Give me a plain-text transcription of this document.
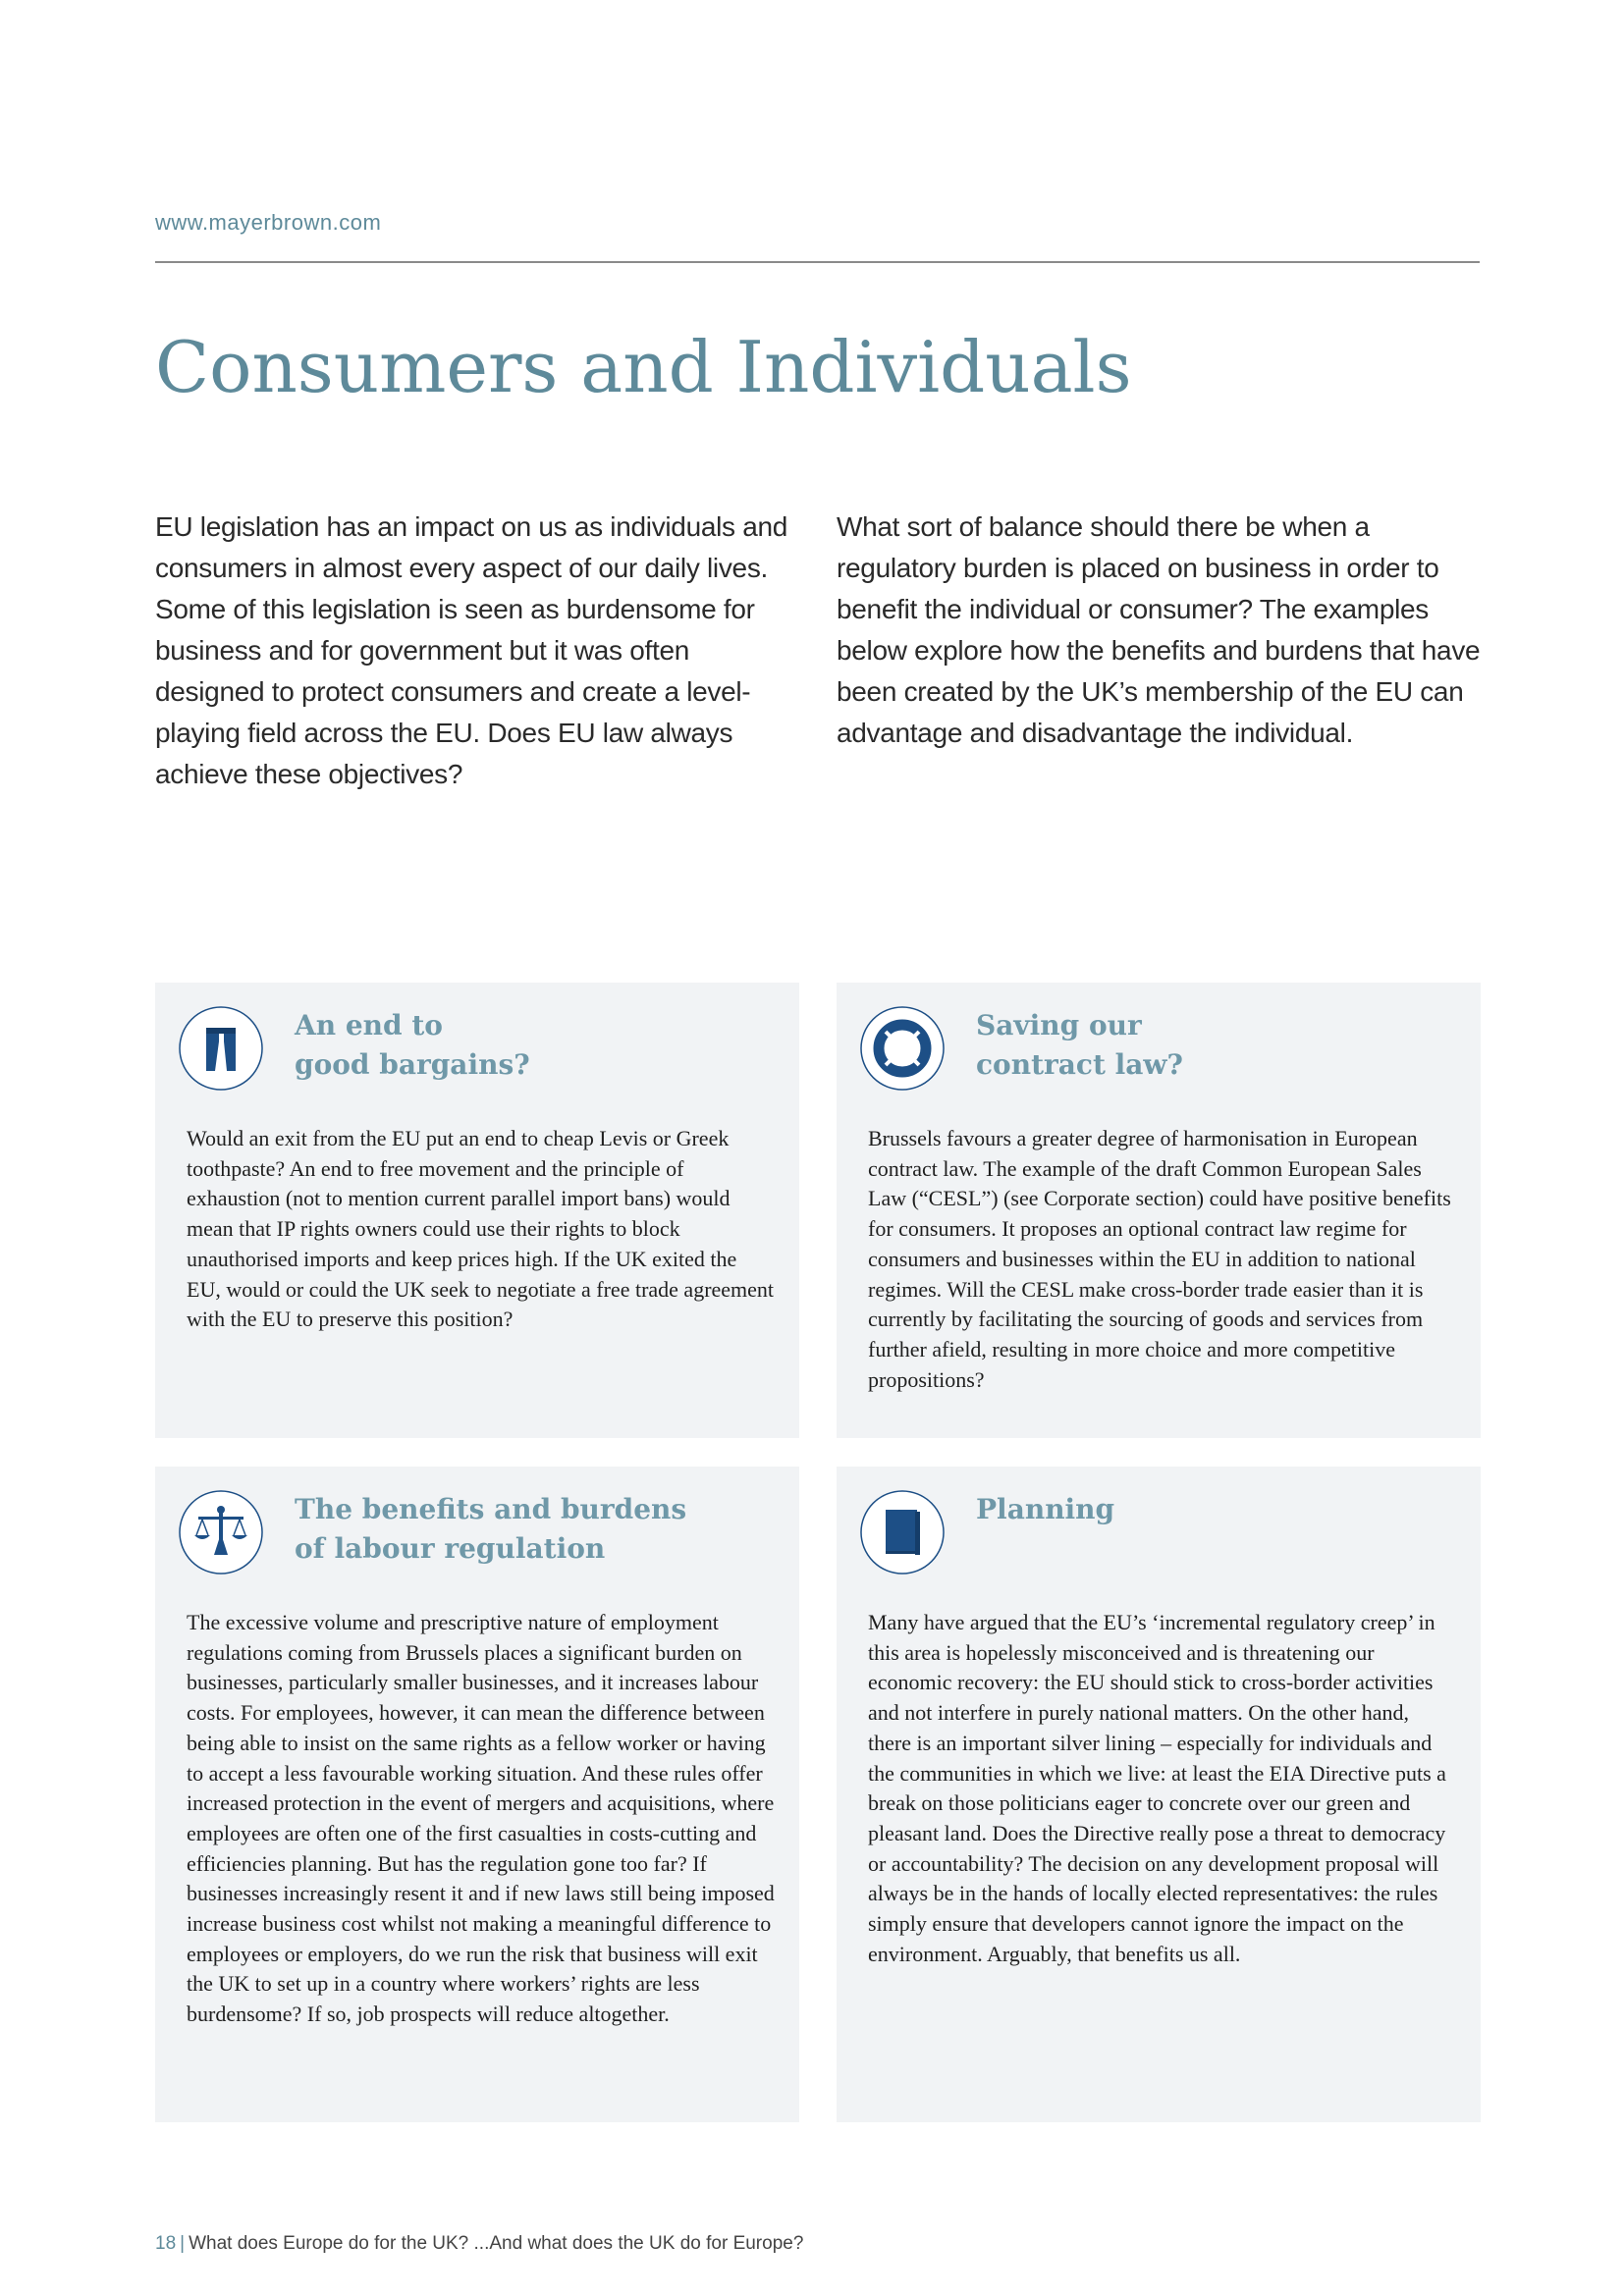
www.mayerbrown.com
Consumers and Individuals

EU legislation has an impact on us as individuals and consumers in almost every aspect of our daily lives. Some of this legislation is seen as burdensome for business and for government but it was often designed to protect consumers and create a level-playing field across the EU. Does EU law always achieve these objectives?

What sort of balance should there be when a regulatory burden is placed on business in order to benefit the individual or consumer? The examples below explore how the benefits and burdens that have been created by the UK’s membership of the EU can advantage and disadvantage the individual.

An end to
good bargains?

Would an exit from the EU put an end to cheap Levis or Greek toothpaste? An end to free movement and the principle of exhaustion (not to mention current parallel import bans) would mean that IP rights owners could use their rights to block unauthorised imports and keep prices high. If the UK exited the EU, would or could the UK seek to negotiate a free trade agreement with the EU to preserve this position?

Saving our
contract law?

Brussels favours a greater degree of harmonisation in European contract law. The example of the draft Common European Sales Law (“CESL”) (see Corporate section) could have positive benefits for consumers. It proposes an optional contract law regime for consumers and businesses within the EU in addition to national regimes. Will the CESL make cross-border trade easier than it is currently by facilitating the sourcing of goods and services from further afield, resulting in more choice and more competitive propositions?

The benefits and burdens
of labour regulation

The excessive volume and prescriptive nature of employment regulations coming from Brussels places a significant burden on businesses, particularly smaller businesses, and it increases labour costs. For employees, however, it can mean the difference between being able to insist on the same rights as a fellow worker or having to accept a less favourable working situation. And these rules offer increased protection in the event of mergers and acquisitions, where employees are often one of the first casualties in costs-cutting and efficiencies planning. But has the regulation gone too far? If businesses increasingly resent it and if new laws still being imposed increase business cost whilst not making a meaningful difference to employees or employers, do we run the risk that business will exit the UK to set up in a country where workers’ rights are less burdensome? If so, job prospects will reduce altogether.

Planning

Many have argued that the EU’s ‘incremental regulatory creep’ in this area is hopelessly misconceived and is threatening our economic recovery: the EU should stick to cross-border activities and not interfere in purely national matters. On the other hand, there is an important silver lining – especially for individuals and the communities in which we live: at least the EIA Directive puts a break on those politicians eager to concrete over our green and pleasant land. Does the Directive really pose a threat to democracy or accountability? The decision on any development proposal will always be in the hands of locally elected representatives: the rules simply ensure that developers cannot ignore the impact on the environment. Arguably, that benefits us all.

18 | What does Europe do for the UK? ...And what does the UK do for Europe?
